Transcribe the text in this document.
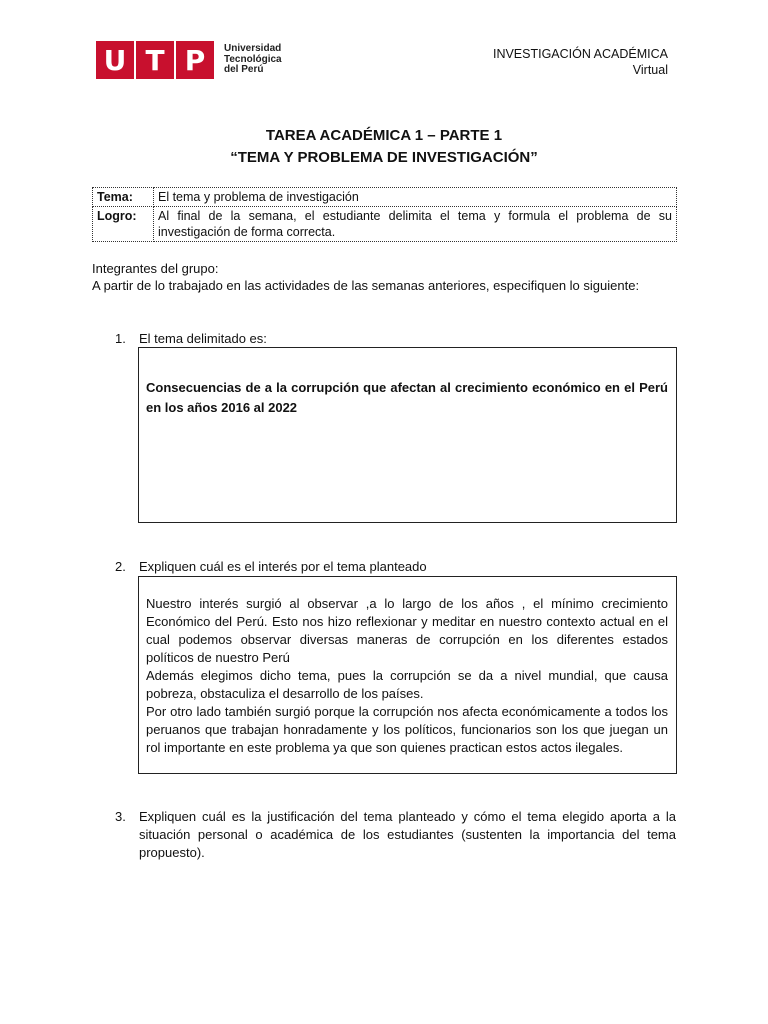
U T P	Universidad
Tecnológica
del Perú
INVESTIGACIÓN ACADÉMICA
Virtual
TAREA ACADÉMICA 1 – PARTE 1
“TEMA Y PROBLEMA DE INVESTIGACIÓN”
Tema:	El tema y problema de investigación
Logro:	Al final de la semana, el estudiante delimita el tema y formula el problema de su investigación de forma correcta.

Integrantes del grupo:

A partir de lo trabajado en las actividades de las semanas anteriores, especifiquen lo siguiente:

1.	El tema delimitado es:
Consecuencias de a la corrupción que afectan al crecimiento económico en el Perú en los años 2016 al 2022
2.	Expliquen cuál es el interés por el tema planteado

Nuestro interés surgió al observar ,a lo largo de los años , el mínimo crecimiento Económico del Perú. Esto nos hizo reflexionar y meditar en nuestro contexto actual en el cual podemos observar diversas maneras de corrupción en los diferentes estados políticos de nuestro Perú

Además elegimos dicho tema, pues la corrupción se da a nivel mundial, que causa pobreza, obstaculiza el desarrollo de los países.

Por otro lado también surgió porque la corrupción nos afecta económicamente a todos los peruanos que trabajan honradamente y los políticos, funcionarios son los que juegan un rol importante en este problema ya que son quienes practican estos actos ilegales.

3.	Expliquen cuál es la justificación del tema planteado y cómo el tema elegido aporta a la situación personal o académica de los estudiantes (sustenten la importancia del tema propuesto).
